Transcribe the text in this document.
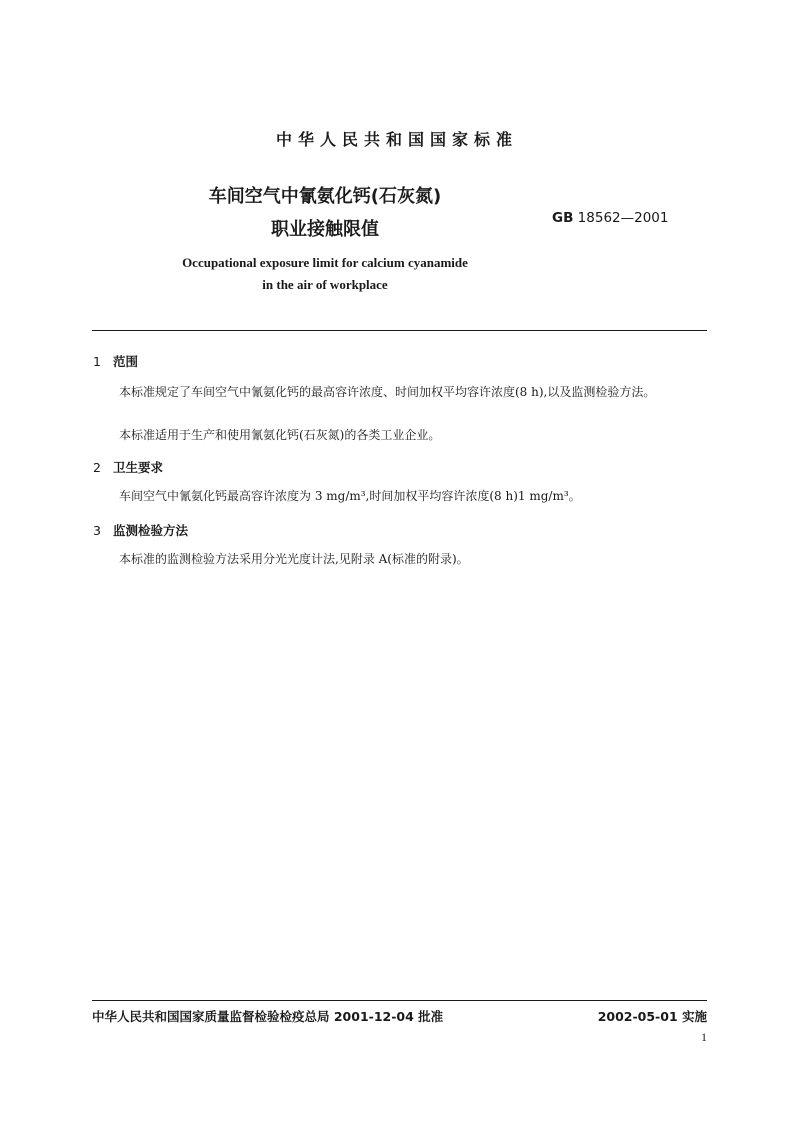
中华人民共和国国家标准
车间空气中氰氨化钙(石灰氮)
职业接触限值
GB 18562—2001
Occupational exposure limit for calcium cyanamide
in the air of workplace
1 范围
本标准规定了车间空气中氰氨化钙的最高容许浓度、时间加权平均容许浓度(8 h),以及监测检验方法。
本标准适用于生产和使用氰氨化钙(石灰氮)的各类工业企业。
2 卫生要求
车间空气中氰氨化钙最高容许浓度为 3 mg/m³,时间加权平均容许浓度(8 h)1 mg/m³。
3 监测检验方法
本标准的监测检验方法采用分光光度计法,见附录 A(标准的附录)。
中华人民共和国国家质量监督检验检疫总局 2001-12-04 批准	2002-05-01 实施
1
